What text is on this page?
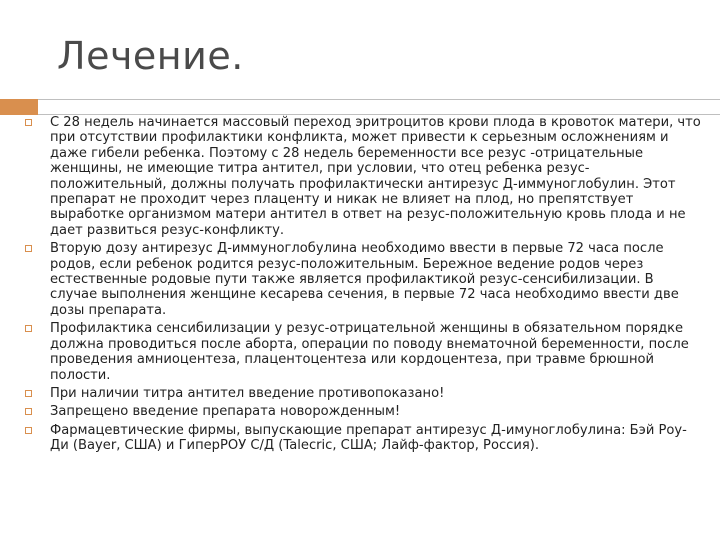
Лечение.
С 28 недель начинается массовый переход эритроцитов крови плода в кровоток матери, что при отсутствии профилактики конфликта, может привести к серьезным осложнениям и даже гибели ребенка. Поэтому с 28 недель беременности все резус -отрицательные женщины, не имеющие титра антител, при условии, что отец ребенка резус-положительный, должны получать профилактически антирезус Д-иммуноглобулин. Этот препарат не проходит через плаценту и никак не влияет на плод, но препятствует выработке организмом матери антител в ответ на резус-положительную кровь плода и не дает развиться резус-конфликту.
Вторую дозу антирезус Д-иммуноглобулина необходимо ввести в первые 72 часа после родов, если ребенок родится резус-положительным. Бережное ведение родов через естественные родовые пути также является профилактикой резус-сенсибилизации. В случае выполнения женщине кесарева сечения, в первые 72 часа необходимо ввести две дозы препарата.
Профилактика сенсибилизации у резус-отрицательной женщины в обязательном порядке должна проводиться после аборта, операции по поводу внематочной беременности, после проведения амниоцентеза, плацентоцентеза или кордоцентеза, при травме брюшной полости.
При наличии титра антител введение противопоказано!
Запрещено введение препарата новорожденным!
Фармацевтические фирмы, выпускающие препарат антирезус Д-имуноглобулина: Бэй Роу-Ди (Bayer, США) и ГиперРОУ С/Д (Talecric, США; Лайф-фактор, Россия).
